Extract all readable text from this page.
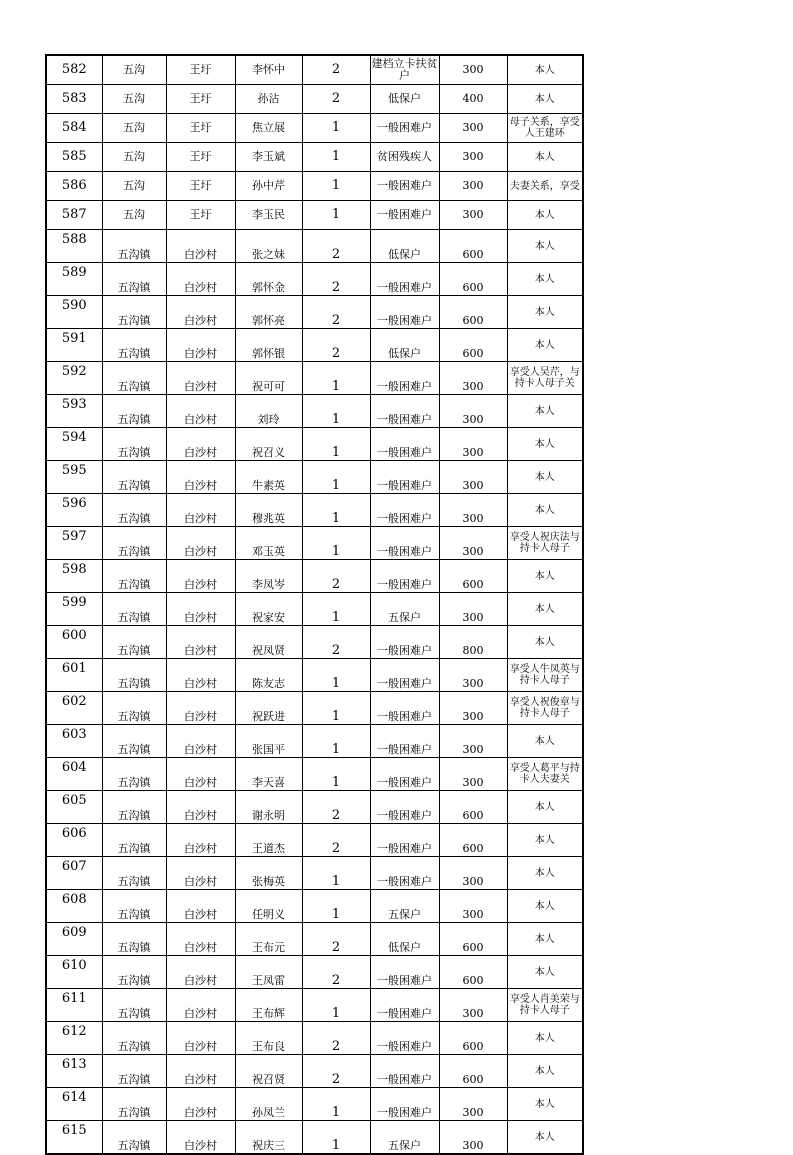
582	五沟	王圩	李怀中	2	建档立卡扶贫户	300	本人
583	五沟	王圩	孙沾	2	低保户	400	本人
584	五沟	王圩	焦立展	1	一般困难户	300	母子关系，享受人王建环
585	五沟	王圩	李玉斌	1	贫困残疾人	300	本人
586	五沟	王圩	孙中芹	1	一般困难户	300	夫妻关系，享受
587	五沟	王圩	李玉民	1	一般困难户	300	本人
588	五沟镇	白沙村	张之妹	2	低保户	600	本人
589	五沟镇	白沙村	郭怀金	2	一般困难户	600	本人
590	五沟镇	白沙村	郭怀亮	2	一般困难户	600	本人
591	五沟镇	白沙村	郭怀银	2	低保户	600	本人
592	五沟镇	白沙村	祝可可	1	一般困难户	300	享受人吴芹，与持卡人母子关
593	五沟镇	白沙村	刘玲	1	一般困难户	300	本人
594	五沟镇	白沙村	祝召义	1	一般困难户	300	本人
595	五沟镇	白沙村	牛素英	1	一般困难户	300	本人
596	五沟镇	白沙村	穆兆英	1	一般困难户	300	本人
597	五沟镇	白沙村	邓玉英	1	一般困难户	300	享受人祝庆法与持卡人母子
598	五沟镇	白沙村	李凤岑	2	一般困难户	600	本人
599	五沟镇	白沙村	祝家安	1	五保户	300	本人
600	五沟镇	白沙村	祝凤贤	2	一般困难户	800	本人
601	五沟镇	白沙村	陈友志	1	一般困难户	300	享受人牛凤英与持卡人母子
602	五沟镇	白沙村	祝跃进	1	一般困难户	300	享受人祝俊章与持卡人母子
603	五沟镇	白沙村	张国平	1	一般困难户	300	本人
604	五沟镇	白沙村	李天喜	1	一般困难户	300	享受人葛平与持卡人夫妻关
605	五沟镇	白沙村	谢永明	2	一般困难户	600	本人
606	五沟镇	白沙村	王道杰	2	一般困难户	600	本人
607	五沟镇	白沙村	张梅英	1	一般困难户	300	本人
608	五沟镇	白沙村	任明义	1	五保户	300	本人
609	五沟镇	白沙村	王布元	2	低保户	600	本人
610	五沟镇	白沙村	王凤雷	2	一般困难户	600	本人
611	五沟镇	白沙村	王布辉	1	一般困难户	300	享受人肖美荣与持卡人母子
612	五沟镇	白沙村	王布良	2	一般困难户	600	本人
613	五沟镇	白沙村	祝召贤	2	一般困难户	600	本人
614	五沟镇	白沙村	孙凤兰	1	一般困难户	300	本人
615	五沟镇	白沙村	祝庆三	1	五保户	300	本人
